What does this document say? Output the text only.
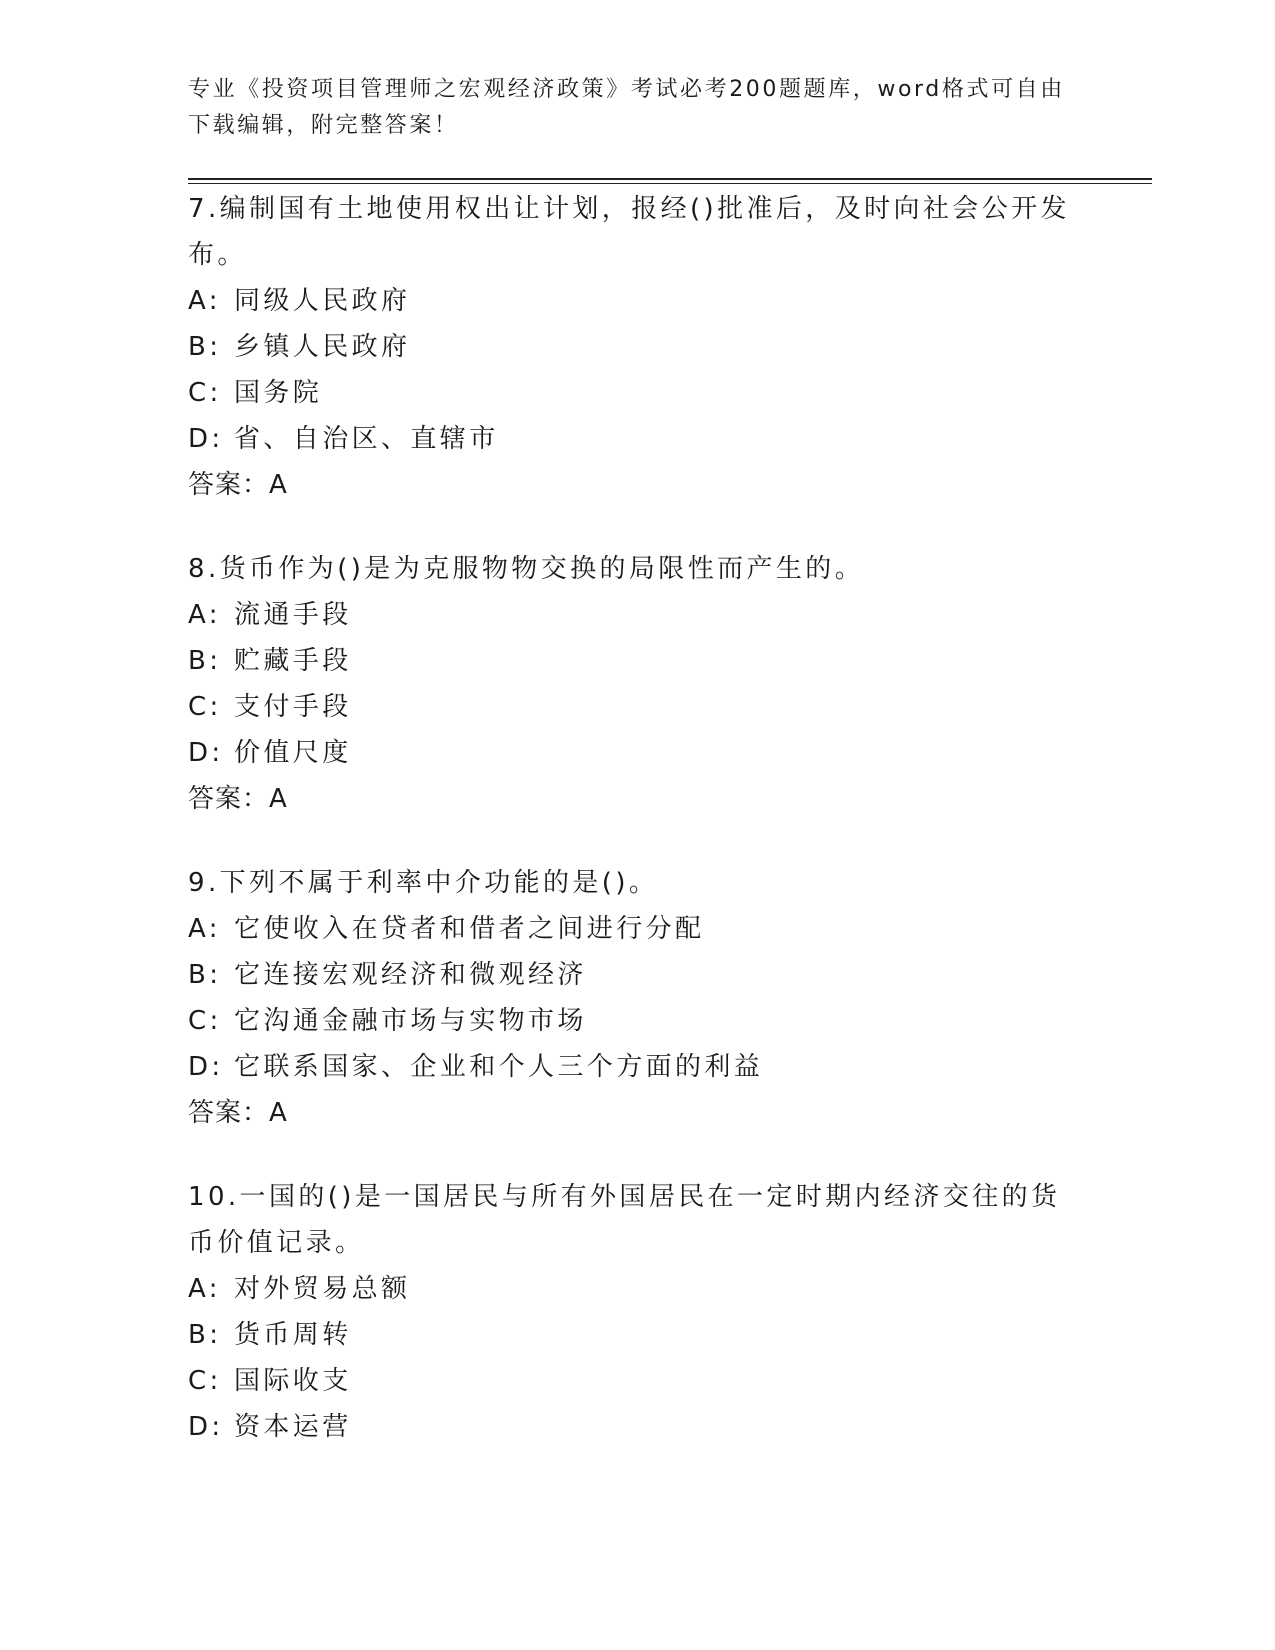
专业《投资项目管理师之宏观经济政策》考试必考200题题库，word格式可自由下载编辑，附完整答案！

7.编制国有土地使用权出让计划，报经()批准后，及时向社会公开发布。

A: 同级人民政府
B: 乡镇人民政府
C: 国务院
D: 省、自治区、直辖市

答案：A

8.货币作为()是为克服物物交换的局限性而产生的。

A: 流通手段
B: 贮藏手段
C: 支付手段
D: 价值尺度

答案：A

9.下列不属于利率中介功能的是()。

A: 它使收入在贷者和借者之间进行分配
B: 它连接宏观经济和微观经济
C: 它沟通金融市场与实物市场
D: 它联系国家、企业和个人三个方面的利益

答案：A

10.一国的()是一国居民与所有外国居民在一定时期内经济交往的货币价值记录。

A: 对外贸易总额
B: 货币周转
C: 国际收支
D: 资本运营
